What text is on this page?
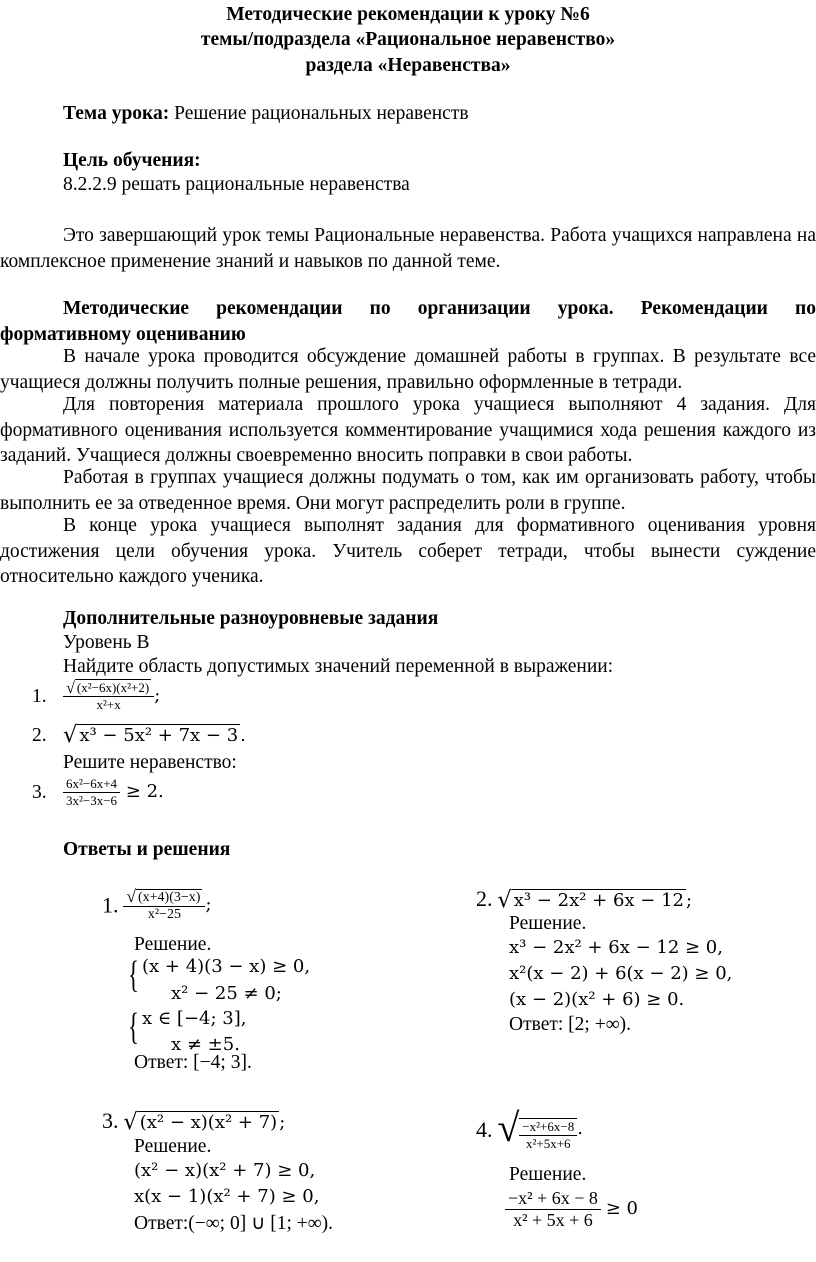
Методические рекомендации к уроку №6
темы/подраздела «Рациональное неравенство»
раздела «Неравенства»
Тема урока: Решение рациональных неравенств
Цель обучения:
8.2.2.9 решать рациональные неравенства
Это завершающий урок темы Рациональные неравенства. Работа учащихся направлена на комплексное применение знаний и навыков по данной теме.
Методические рекомендации по организации урока. Рекомендации по формативному оцениванию
В начале урока проводится обсуждение домашней работы в группах. В результате все учащиеся должны получить полные решения, правильно оформленные в тетради.
Для повторения материала прошлого урока учащиеся выполняют 4 задания. Для формативного оценивания используется комментирование учащимися хода решения каждого из заданий. Учащиеся должны своевременно вносить поправки в свои работы.
Работая в группах учащиеся должны подумать о том, как им организовать работу, чтобы выполнить ее за отведенное время. Они могут распределить роли в группе.
В конце урока учащиеся выполнят задания для формативного оценивания уровня достижения цели обучения урока. Учитель соберет тетради, чтобы вынести суждение относительно каждого ученика.
Дополнительные разноуровневые задания
Уровень В
Найдите область допустимых значений переменной в выражении:
1. $\frac{\text{√ (x²−6x)(x²+2)}}{\text{x²+x}}$ ;
2. √ x³ − 5x² + 7x − 3 .
Решите неравенство:
3. $\frac{\text{6x²−6x+4}}{\text{3x²−3x−6}} \ge 2$.
Ответы и решения
1. $\frac{√ (x+4)(3-x)}{\text{x²−25}}$ ;
Решение.
{ (x + 4)(3 − x) ≥ 0,
x² − 25 ≠ 0;
{ x ∈ [−4; 3],
x ≠ ±5.
Ответ: [−4; 3].
2. √ x³ − 2x² + 6x − 12 ;
Решение.
x³ − 2x² + 6x − 12 ≥ 0,
x²(x − 2) + 6(x − 2) ≥ 0,
(x − 2)(x² + 6) ≥ 0.
Ответ: [2; +∞).
3. √ (x² − x)(x² + 7) ;
Решение.
(x² − x)(x² + 7) ≥ 0,
x(x − 1)(x² + 7) ≥ 0,
Ответ:(−∞; 0] ∪ [1; +∞).
4. √ $\frac{\text{−x²+6x−8}}{\text{x²+5x+6}}$ .
Решение.
$\frac{\text{−x² + 6x − 8}}{\text{x² + 5x + 6}} \ge 0$
